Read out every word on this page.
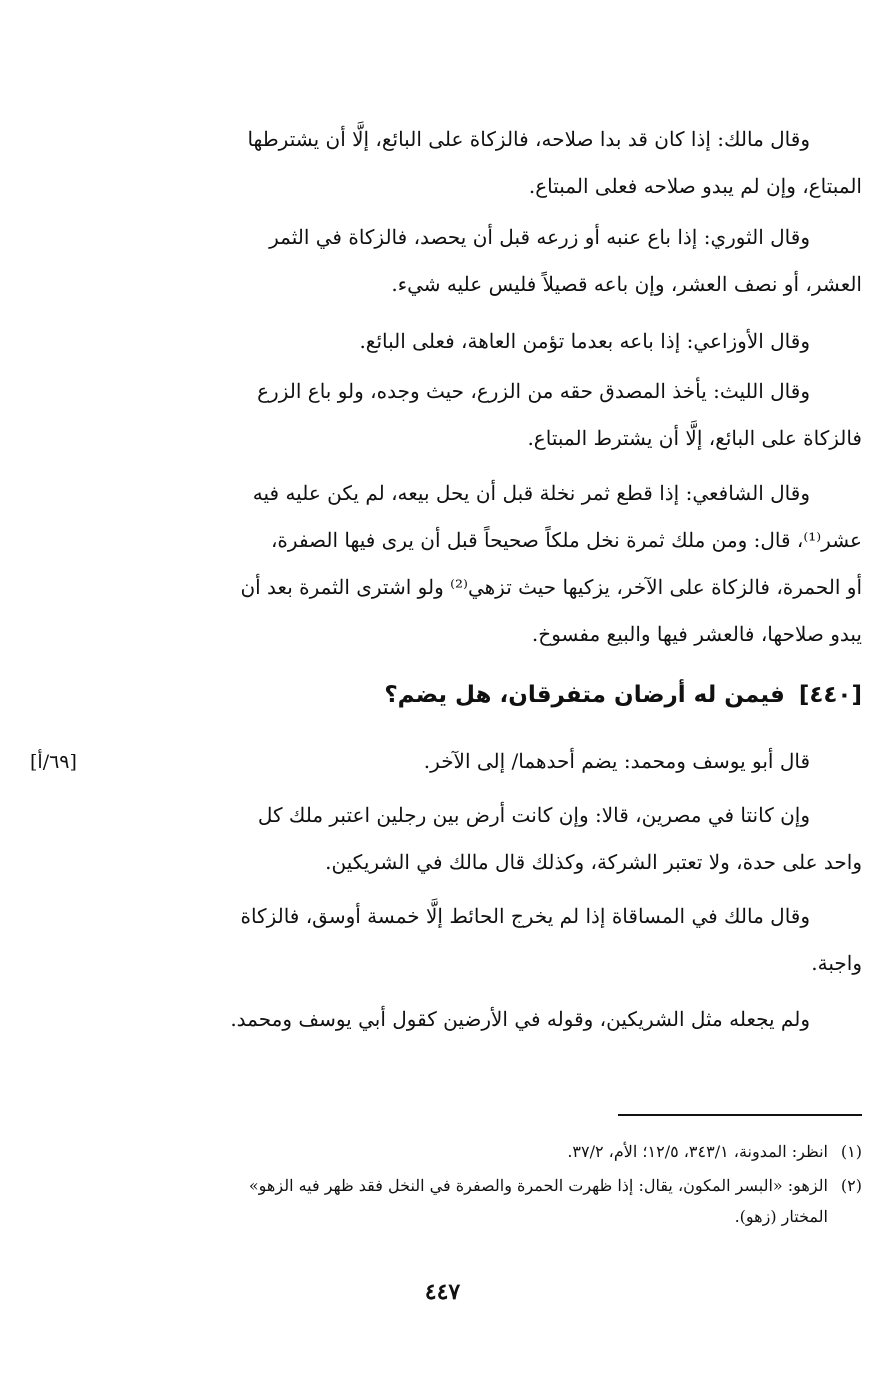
وقال مالك: إذا كان قد بدا صلاحه، فالزكاة على البائع، إلَّا أن يشترطها
المبتاع، وإن لم يبدو صلاحه فعلى المبتاع.

وقال الثوري: إذا باع عنبه أو زرعه قبل أن يحصد، فالزكاة في الثمر
العشر، أو نصف العشر، وإن باعه قصيلاً فليس عليه شيء.

وقال الأوزاعي: إذا باعه بعدما تؤمن العاهة، فعلى البائع.

وقال الليث: يأخذ المصدق حقه من الزرع، حيث وجده، ولو باع الزرع
فالزكاة على البائع، إلَّا أن يشترط المبتاع.

وقال الشافعي: إذا قطع ثمر نخلة قبل أن يحل بيعه، لم يكن عليه فيه
عشر⁽¹⁾، قال: ومن ملك ثمرة نخل ملكاً صحيحاً قبل أن يرى فيها الصفرة،
أو الحمرة، فالزكاة على الآخر، يزكيها حيث تزهي⁽²⁾ ولو اشترى الثمرة بعد أن
يبدو صلاحها، فالعشر فيها والبيع مفسوخ.

[٤٤٠]فيمن له أرضان متفرقان، هل يضم؟
[٦٩/أ]	قال أبو يوسف ومحمد: يضم أحدهما/ إلى الآخر.

وإن كانتا في مصرين، قالا: وإن كانت أرض بين رجلين اعتبر ملك كل
واحد على حدة، ولا تعتبر الشركة، وكذلك قال مالك في الشريكين.

وقال مالك في المساقاة إذا لم يخرج الحائط إلَّا خمسة أوسق، فالزكاة
واجبة.

ولم يجعله مثل الشريكين، وقوله في الأرضين كقول أبي يوسف ومحمد.

(١)انظر: المدونة، ٣٤٣/١، ١٢/٥؛ الأم، ٣٧/٢.

(٢)الزهو: «البسر المكون، يقال: إذا ظهرت الحمرة والصفرة في النخل فقد ظهر فيه الزهو»
المختار (زهو).

٤٤٧
